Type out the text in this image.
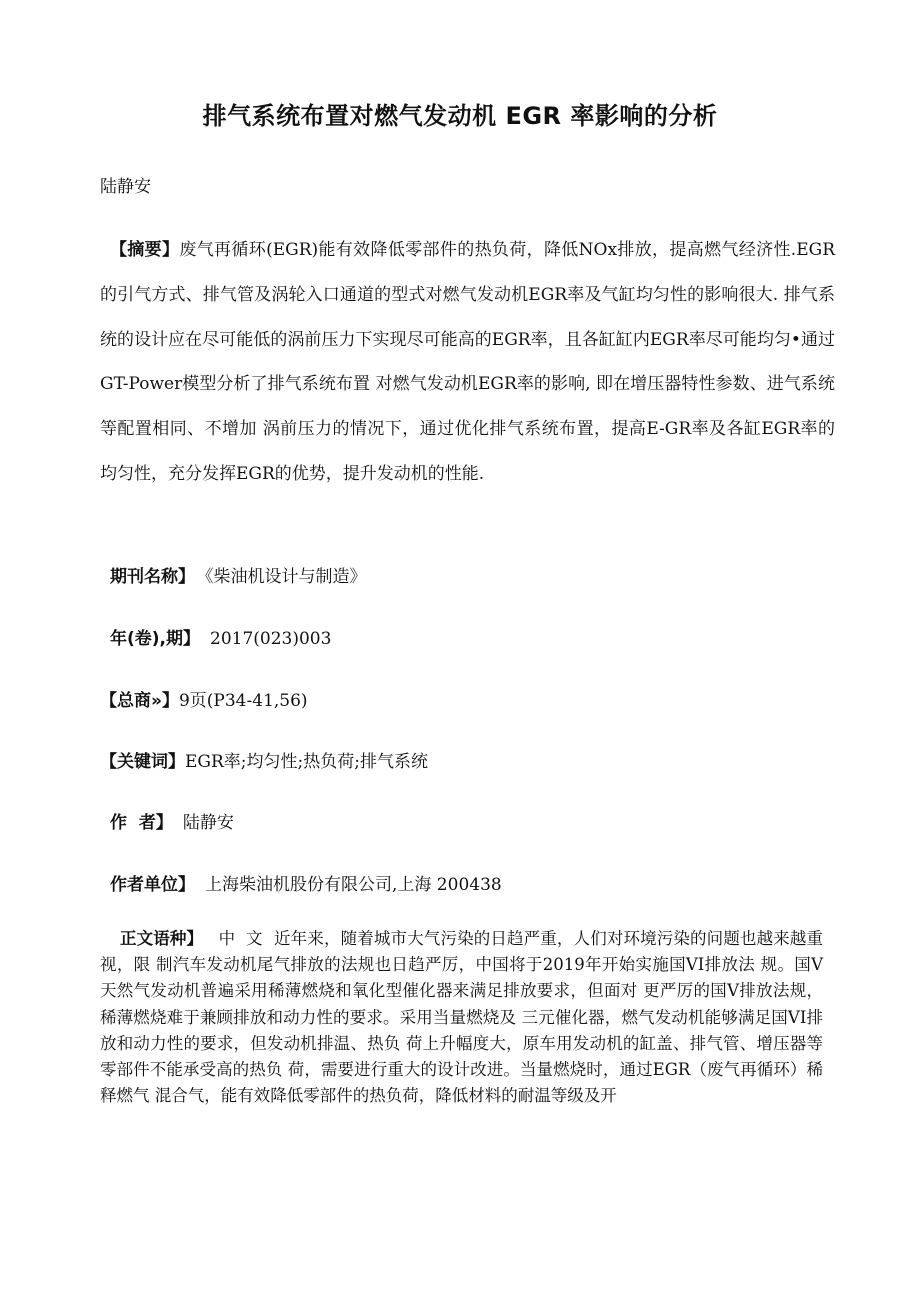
排气系统布置对燃气发动机 EGR 率影响的分析
陆静安
【摘要】废气再循环(EGR)能有效降低零部件的热负荷，降低NOx排放，提高燃气经济性.EGR的引气方式、排气管及涡轮入口通道的型式对燃气发动机EGR率及气缸均匀性的影响很大. 排气系统的设计应在尽可能低的涡前压力下实现尽可能高的EGR率，且各缸缸内EGR率尽可能均匀•通过GT-Power模型分析了排气系统布置 对燃气发动机EGR率的影响, 即在增压器特性参数、进气系统等配置相同、不增加 涡前压力的情况下，通过优化排气系统布置，提高E-GR率及各缸EGR率的均匀性，充分发挥EGR的优势，提升发动机的性能.
期刊名称】 《柴油机设计与制造》
年(卷),期】 2017(023)003
【总商»】9页(P34-41,56)
【关键词】EGR率;均匀性;热负荷;排气系统
作  者】 陆静安
作者单位】 上海柴油机股份有限公司,上海 200438
正文语种】 中  文 近年来，随着城市大气污染的日趋严重，人们对环境污染的问题也越来越重视，限 制汽车发动机尾气排放的法规也日趋严厉，中国将于2019年开始实施国VI排放法 规。国V天然气发动机普遍采用稀薄燃烧和氧化型催化器来满足排放要求，但面对 更严厉的国V排放法规，稀薄燃烧难于兼顾排放和动力性的要求。采用当量燃烧及 三元催化器，燃气发动机能够满足国VI排放和动力性的要求，但发动机排温、热负 荷上升幅度大，原车用发动机的缸盖、排气管、增压器等零部件不能承受高的热负 荷，需要进行重大的设计改进。当量燃烧时，通过EGR（废气再循环）稀释燃气 混合气，能有效降低零部件的热负荷，降低材料的耐温等级及开
